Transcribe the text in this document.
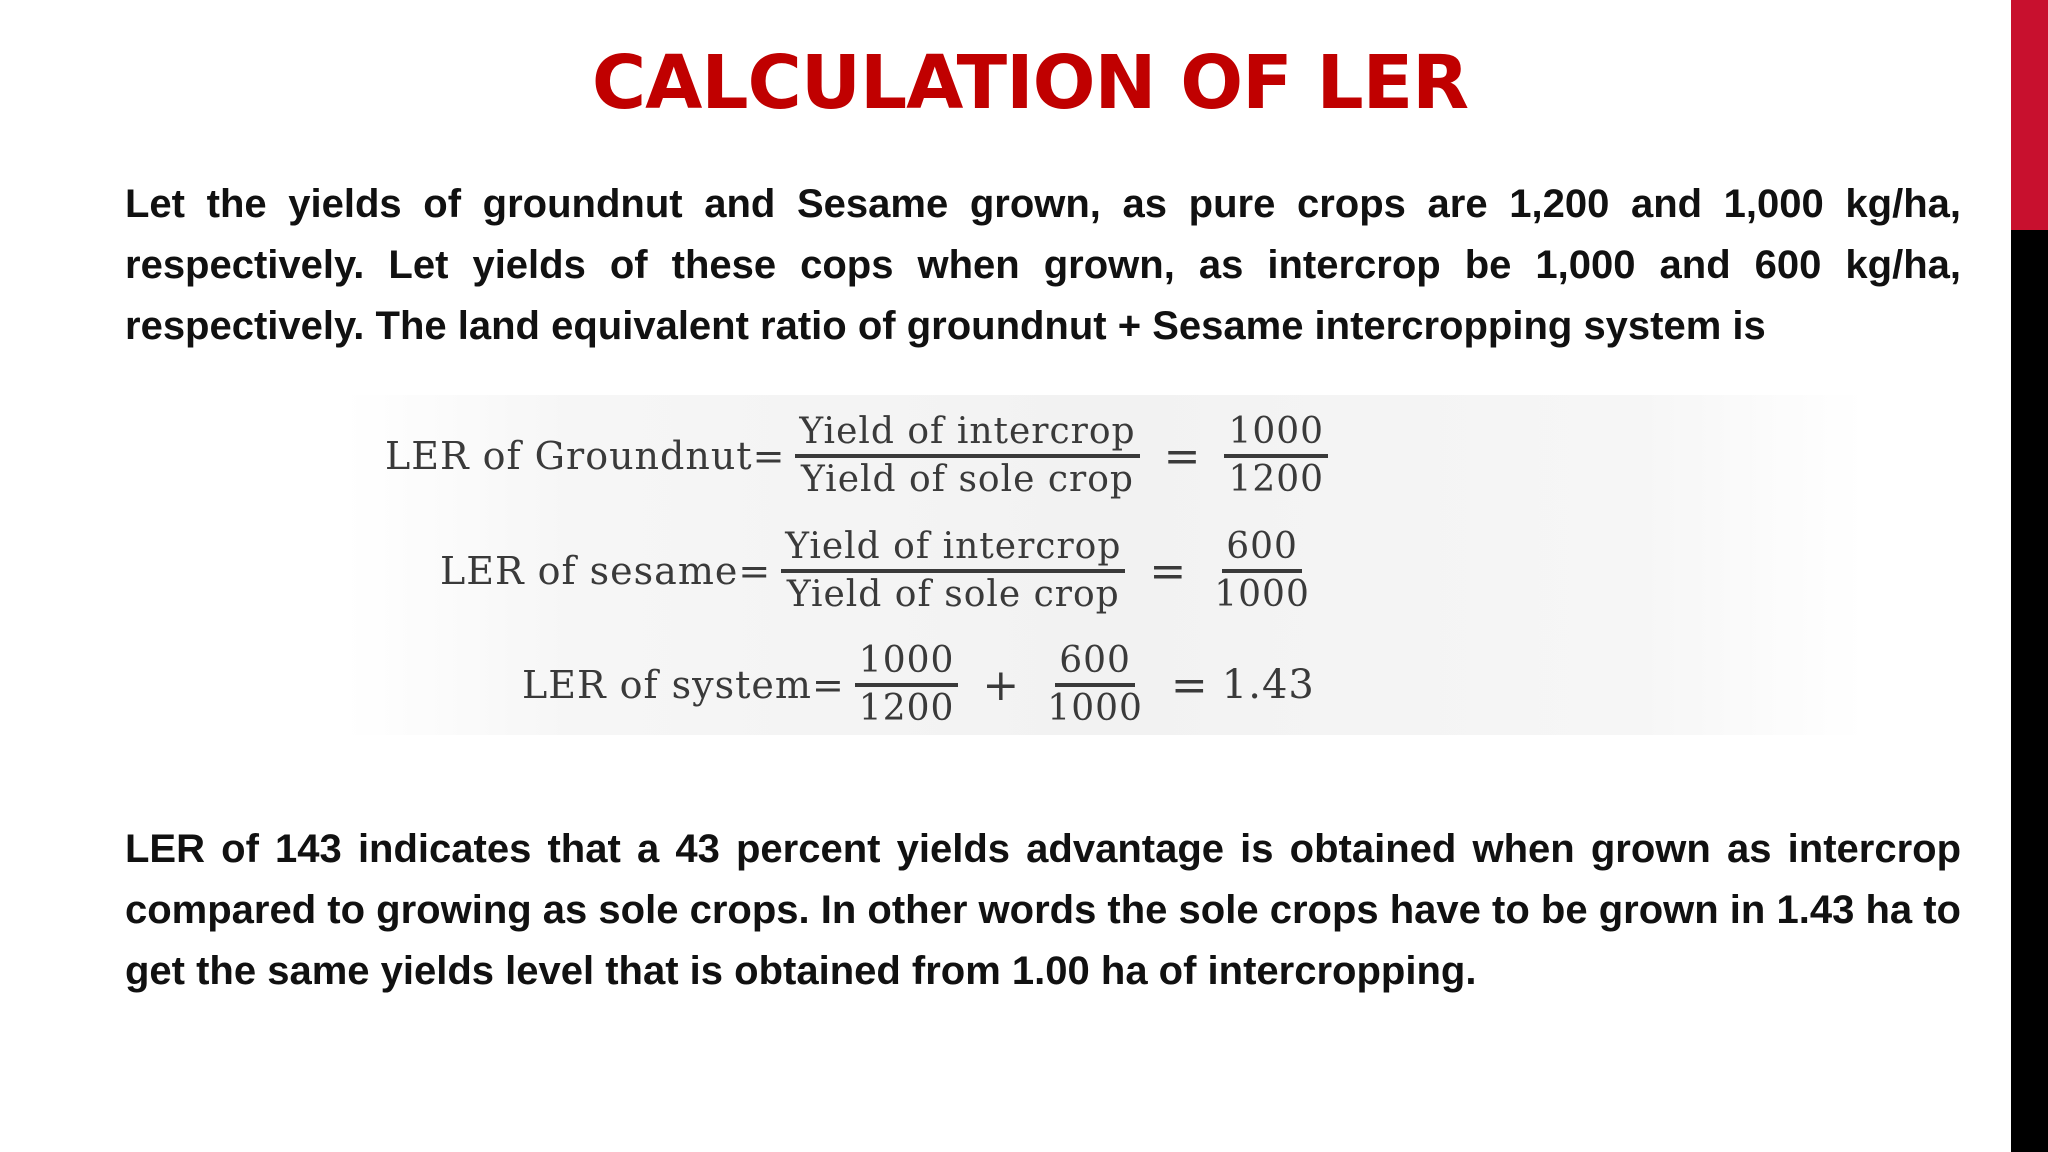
CALCULATION OF LER
Let the yields of groundnut and Sesame grown, as pure crops are 1,200 and 1,000 kg/ha, respectively. Let yields of these cops when grown, as intercrop be 1,000 and 600 kg/ha, respectively. The land equivalent ratio of groundnut + Sesame intercropping system is
LER of Groundnut= $\frac{\text{Yield of intercrop}}{\text{Yield of sole crop}} = \frac{1000}{1200}$
LER of sesame= $\frac{\text{Yield of intercrop}}{\text{Yield of sole crop}} = \frac{600}{1000}$
LER of system= $\frac{1000}{1200} + \frac{600}{1000} = 1.43$
LER of 143 indicates that a 43 percent yields advantage is obtained when grown as intercrop compared to growing as sole crops. In other words the sole crops have to be grown in 1.43 ha to get the same yields level that is obtained from 1.00 ha of intercropping.
